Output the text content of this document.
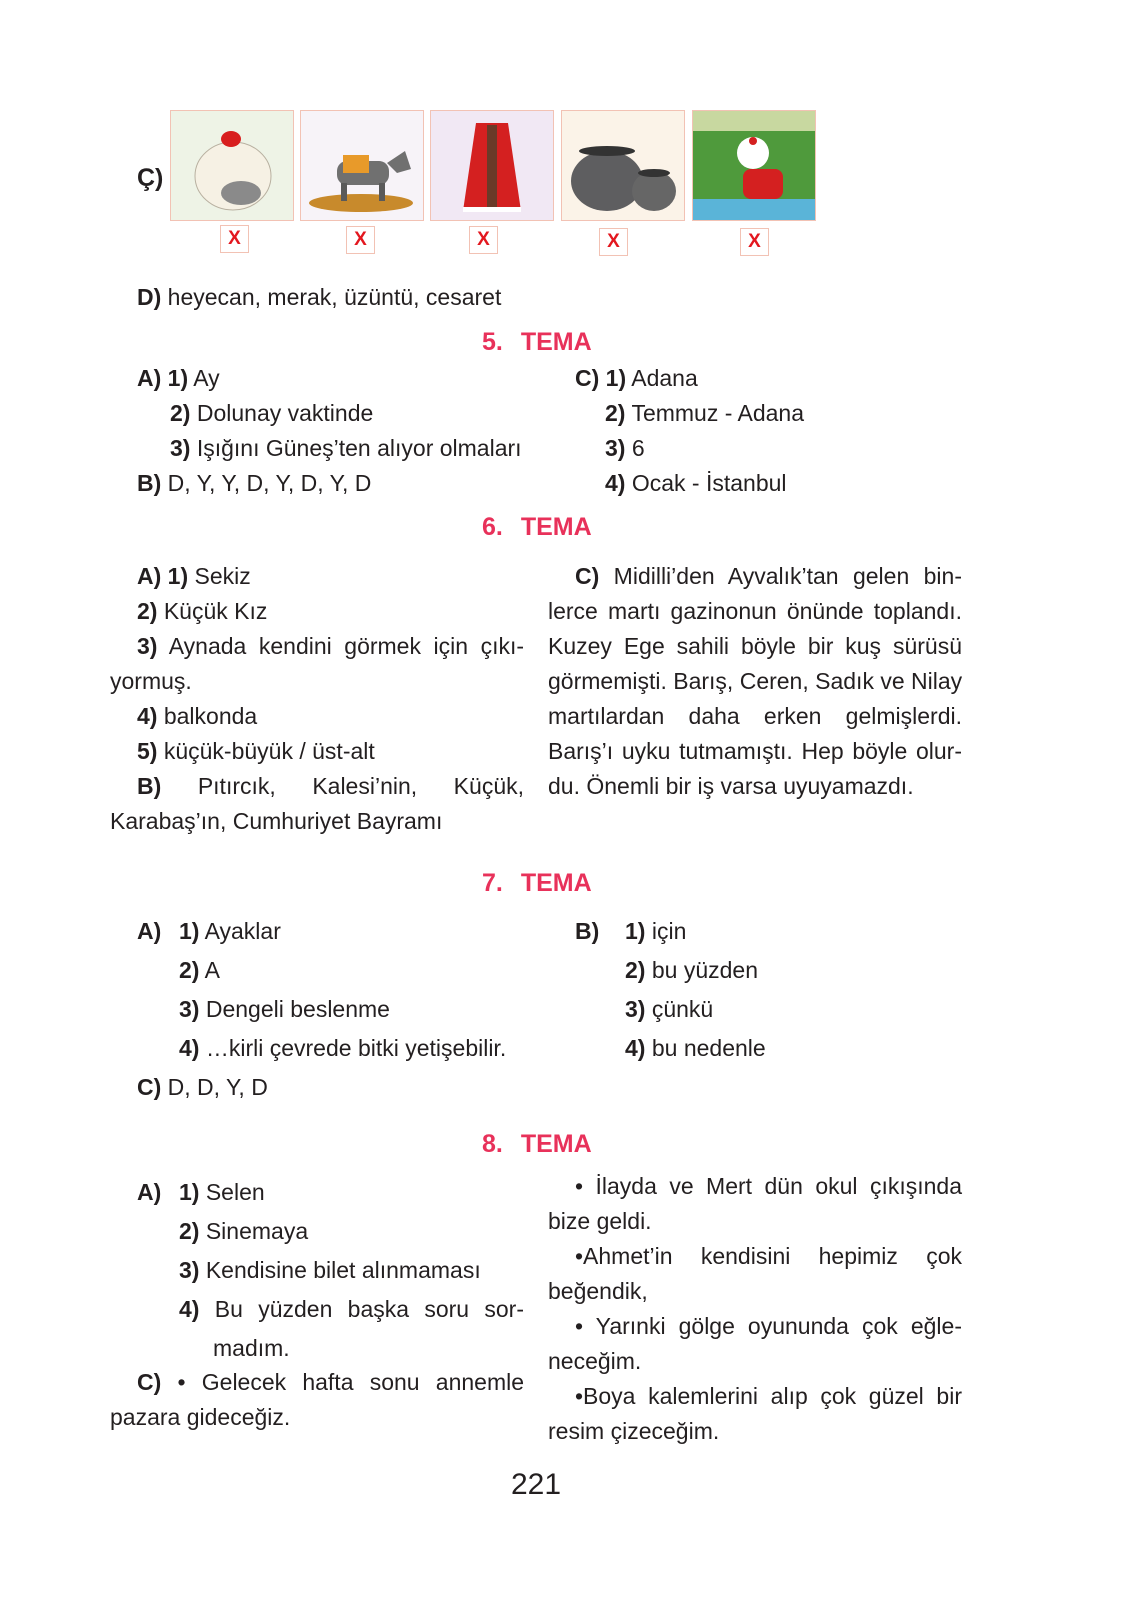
Ç)
X	X	X	X	X
D) heyecan, merak, üzüntü, cesaret
5. TEMA
A) 1) Ay
2) Dolunay vaktinde
3) Işığını Güneş’ten alıyor olmaları
B) D, Y, Y, D, Y, D, Y, D
C) 1) Adana
2) Temmuz - Adana
3) 6
4) Ocak - İstanbul
6. TEMA
A) 1) Sekiz
2) Küçük Kız
3) Aynada kendini görmek için çıkı-
yormuş.
4) balkonda
5) küçük-büyük / üst-alt
B) Pıtırcık, Kalesi’nin, Küçük,
Karabaş’ın, Cumhuriyet Bayramı
C) Midilli’den Ayvalık’tan gelen bin-
lerce martı gazinonun önünde toplandı.
Kuzey Ege sahili böyle bir kuş sürüsü
görmemişti. Barış, Ceren, Sadık ve Nilay
martılardan daha erken gelmişlerdi.
Barış’ı uyku tutmamıştı. Hep böyle olur-
du. Önemli bir iş varsa uyuyamazdı.
7. TEMA
A) 1) Ayaklar
2) A
3) Dengeli beslenme
4) …kirli çevrede bitki yetişebilir.
C) D, D, Y, D
B) 1) için
2) bu yüzden
3) çünkü
4) bu nedenle
8. TEMA
A) 1) Selen
2) Sinemaya
3) Kendisine bilet alınmaması
4) Bu yüzden başka soru sor-
madım.
C) • Gelecek hafta sonu annemle
pazara gideceğiz.
• İlayda ve Mert dün okul çıkışında
bize geldi.
•Ahmet’in kendisini hepimiz çok
beğendik,
• Yarınki gölge oyununda çok eğle-
neceğim.
•Boya kalemlerini alıp çok güzel bir
resim çizeceğim.
221
